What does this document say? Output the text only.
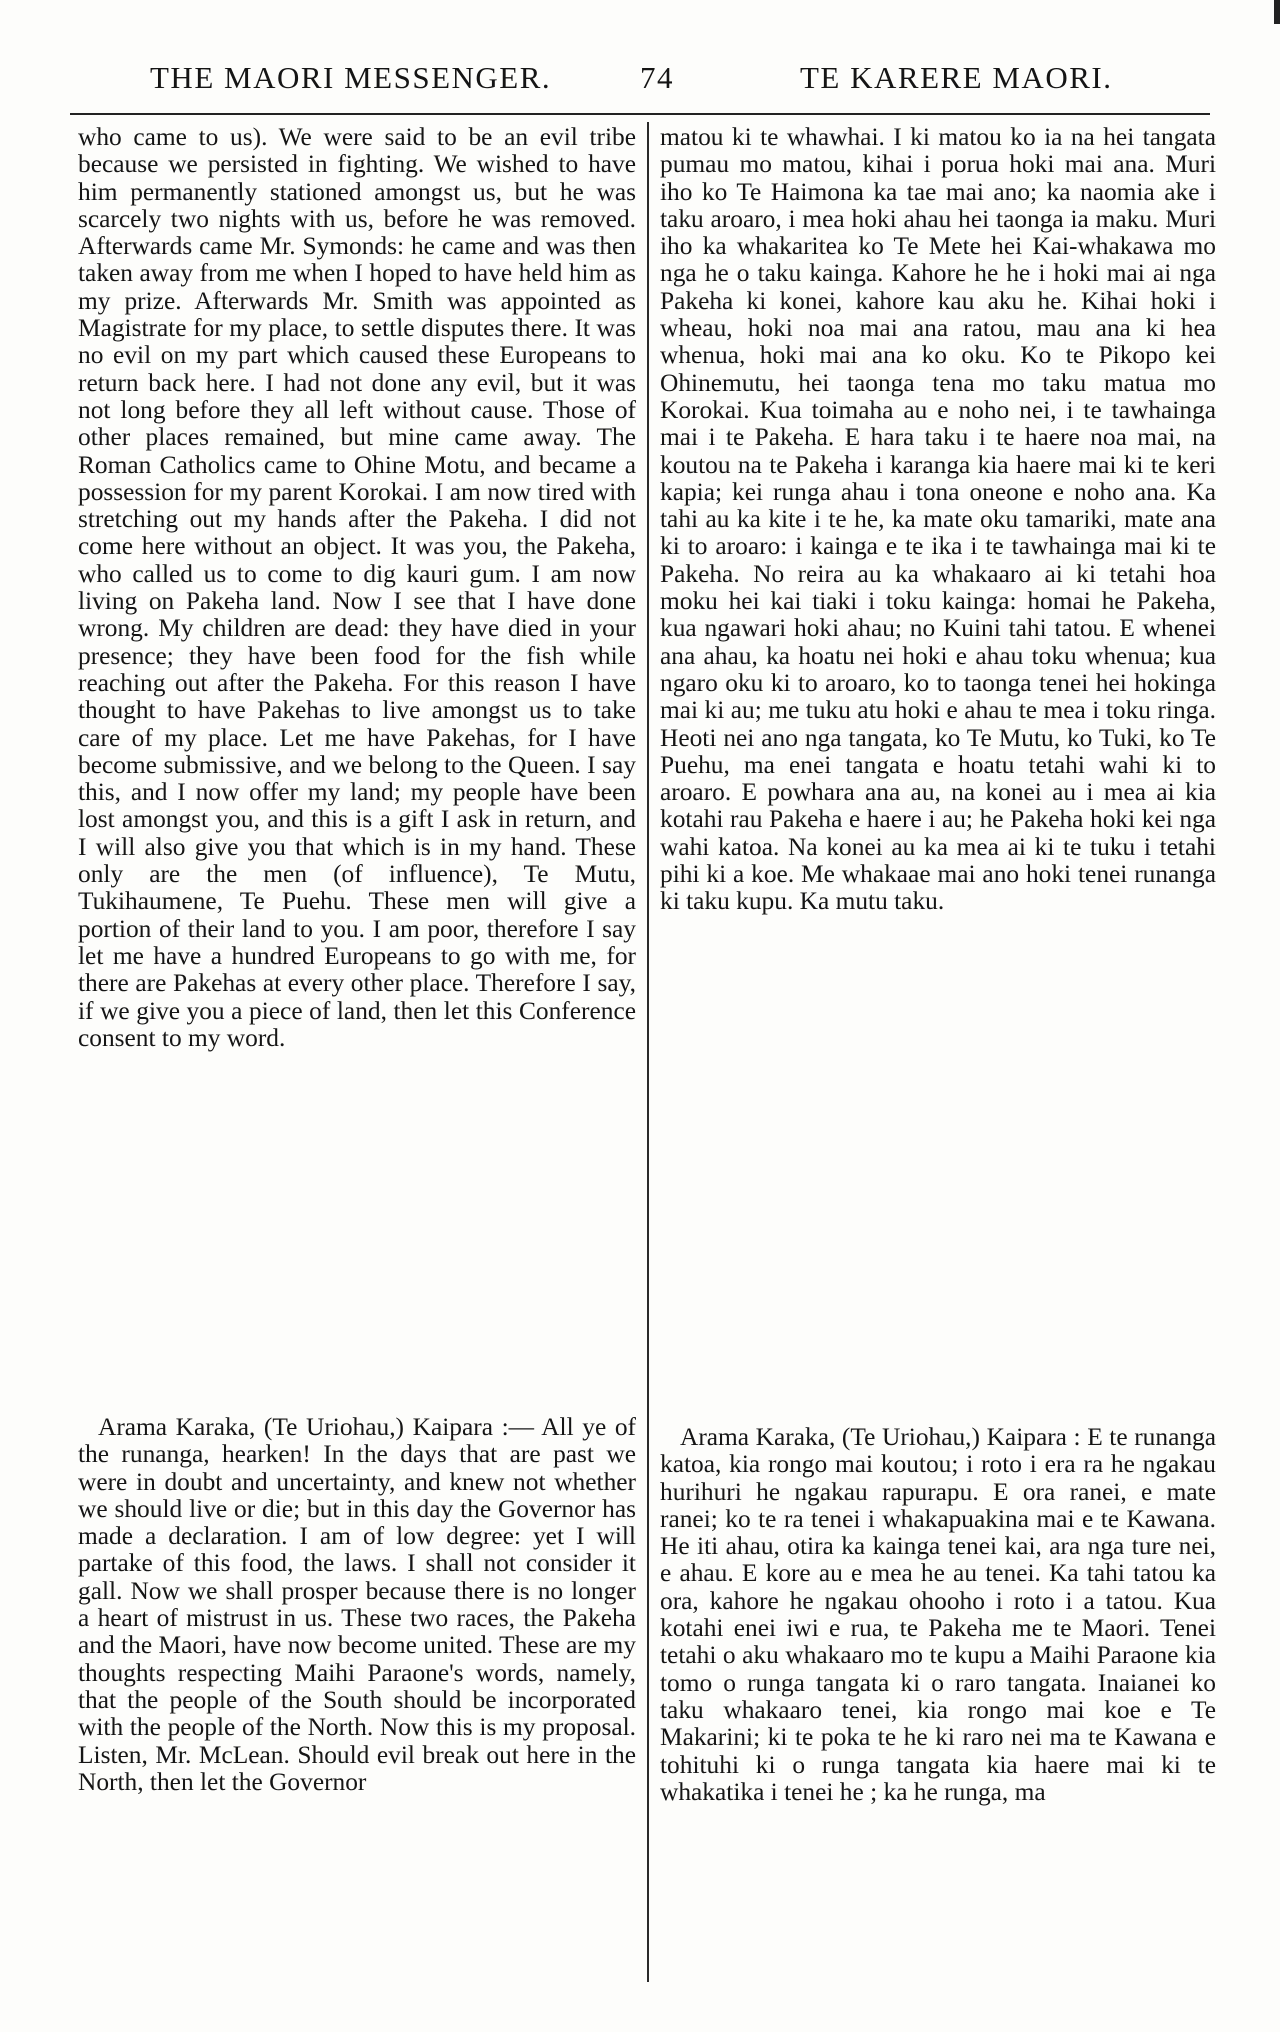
THE MAORI MESSENGER.	74	TE KARERE MAORI.

who came to us). We were said to be an evil tribe because we persisted in fighting. We wished to have him permanently stationed amongst us, but he was scarcely two nights with us, before he was removed. Afterwards came Mr. Symonds: he came and was then taken away from me when I hoped to have held him as my prize. Afterwards Mr. Smith was appointed as Magistrate for my place, to settle disputes there. It was no evil on my part which caused these Europeans to return back here. I had not done any evil, but it was not long before they all left without cause. Those of other places remained, but mine came away. The Roman Catholics came to Ohine Motu, and became a possession for my parent Korokai. I am now tired with stretching out my hands after the Pakeha. I did not come here without an object. It was you, the Pakeha, who called us to come to dig kauri gum. I am now living on Pakeha land. Now I see that I have done wrong. My children are dead: they have died in your presence; they have been food for the fish while reaching out after the Pakeha. For this reason I have thought to have Pakehas to live amongst us to take care of my place. Let me have Pakehas, for I have become submissive, and we belong to the Queen. I say this, and I now offer my land; my people have been lost amongst you, and this is a gift I ask in return, and I will also give you that which is in my hand. These only are the men (of influence), Te Mutu, Tukihaumene, Te Puehu. These men will give a portion of their land to you. I am poor, therefore I say let me have a hundred Europeans to go with me, for there are Pakehas at every other place. Therefore I say, if we give you a piece of land, then let this Conference consent to my word.

Arama Karaka, (Te Uriohau,) Kaipara :— All ye of the runanga, hearken! In the days that are past we were in doubt and uncertainty, and knew not whether we should live or die; but in this day the Governor has made a declaration. I am of low degree: yet I will partake of this food, the laws. I shall not consider it gall. Now we shall prosper because there is no longer a heart of mistrust in us. These two races, the Pakeha and the Maori, have now become united. These are my thoughts respecting Maihi Paraone's words, namely, that the people of the South should be incorporated with the people of the North. Now this is my proposal. Listen, Mr. McLean. Should evil break out here in the North, then let the Governor

matou ki te whawhai. I ki matou ko ia na hei tangata pumau mo matou, kihai i porua hoki mai ana. Muri iho ko Te Haimona ka tae mai ano; ka naomia ake i taku aroaro, i mea hoki ahau hei taonga ia maku. Muri iho ka whakaritea ko Te Mete hei Kai-whakawa mo nga he o taku kainga. Kahore he he i hoki mai ai nga Pakeha ki konei, kahore kau aku he. Kihai hoki i wheau, hoki noa mai ana ratou, mau ana ki hea whenua, hoki mai ana ko oku. Ko te Pikopo kei Ohinemutu, hei taonga tena mo taku matua mo Korokai. Kua toimaha au e noho nei, i te tawhainga mai i te Pakeha. E hara taku i te haere noa mai, na koutou na te Pakeha i karanga kia haere mai ki te keri kapia; kei runga ahau i tona oneone e noho ana. Ka tahi au ka kite i te he, ka mate oku tamariki, mate ana ki to aroaro: i kainga e te ika i te tawhainga mai ki te Pakeha. No reira au ka whakaaro ai ki tetahi hoa moku hei kai tiaki i toku kainga: homai he Pakeha, kua ngawari hoki ahau; no Kuini tahi tatou. E whenei ana ahau, ka hoatu nei hoki e ahau toku whenua; kua ngaro oku ki to aroaro, ko to taonga tenei hei hokinga mai ki au; me tuku atu hoki e ahau te mea i toku ringa. Heoti nei ano nga tangata, ko Te Mutu, ko Tuki, ko Te Puehu, ma enei tangata e hoatu tetahi wahi ki to aroaro. E powhara ana au, na konei au i mea ai kia kotahi rau Pakeha e haere i au; he Pakeha hoki kei nga wahi katoa. Na konei au ka mea ai ki te tuku i tetahi pihi ki a koe. Me whakaae mai ano hoki tenei runanga ki taku kupu. Ka mutu taku.

Arama Karaka, (Te Uriohau,) Kaipara : E te runanga katoa, kia rongo mai koutou; i roto i era ra he ngakau hurihuri he ngakau rapurapu. E ora ranei, e mate ranei; ko te ra tenei i whakapuakina mai e te Kawana. He iti ahau, otira ka kainga tenei kai, ara nga ture nei, e ahau. E kore au e mea he au tenei. Ka tahi tatou ka ora, kahore he ngakau ohooho i roto i a tatou. Kua kotahi enei iwi e rua, te Pakeha me te Maori. Tenei tetahi o aku whakaaro mo te kupu a Maihi Paraone kia tomo o runga tangata ki o raro tangata. Inaianei ko taku whakaaro tenei, kia rongo mai koe e Te Makarini; ki te poka te he ki raro nei ma te Kawana e tohituhi ki o runga tangata kia haere mai ki te whakatika i tenei he ; ka he runga, ma
